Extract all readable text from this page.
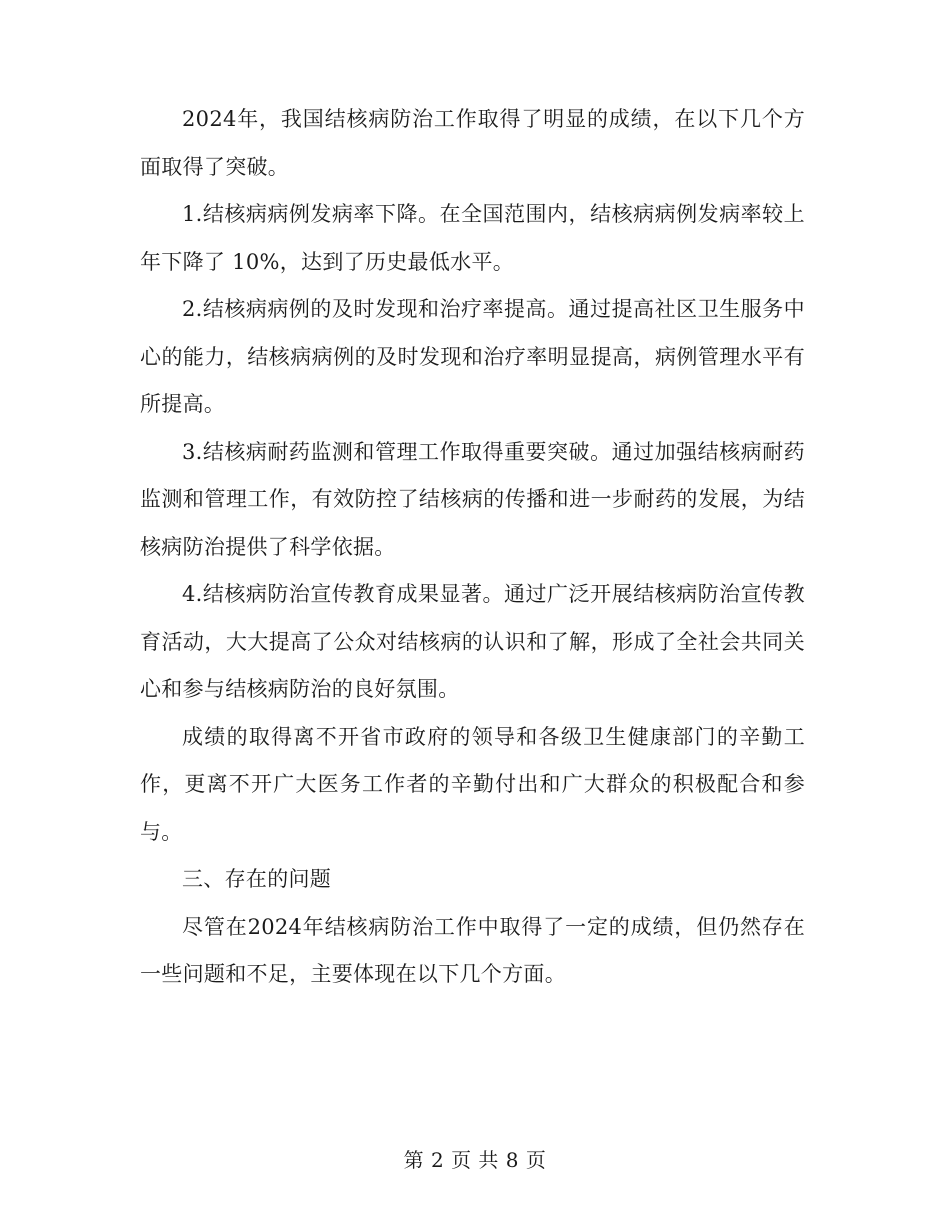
2024年，我国结核病防治工作取得了明显的成绩，在以下几个方面取得了突破。

1.结核病病例发病率下降。在全国范围内，结核病病例发病率较上年下降了 10%，达到了历史最低水平。

2.结核病病例的及时发现和治疗率提高。通过提高社区卫生服务中心的能力，结核病病例的及时发现和治疗率明显提高，病例管理水平有所提高。

3.结核病耐药监测和管理工作取得重要突破。通过加强结核病耐药监测和管理工作，有效防控了结核病的传播和进一步耐药的发展，为结核病防治提供了科学依据。

4.结核病防治宣传教育成果显著。通过广泛开展结核病防治宣传教育活动，大大提高了公众对结核病的认识和了解，形成了全社会共同关心和参与结核病防治的良好氛围。

成绩的取得离不开省市政府的领导和各级卫生健康部门的辛勤工作，更离不开广大医务工作者的辛勤付出和广大群众的积极配合和参与。

三、存在的问题

尽管在2024年结核病防治工作中取得了一定的成绩，但仍然存在一些问题和不足，主要体现在以下几个方面。

第 2 页 共 8 页
